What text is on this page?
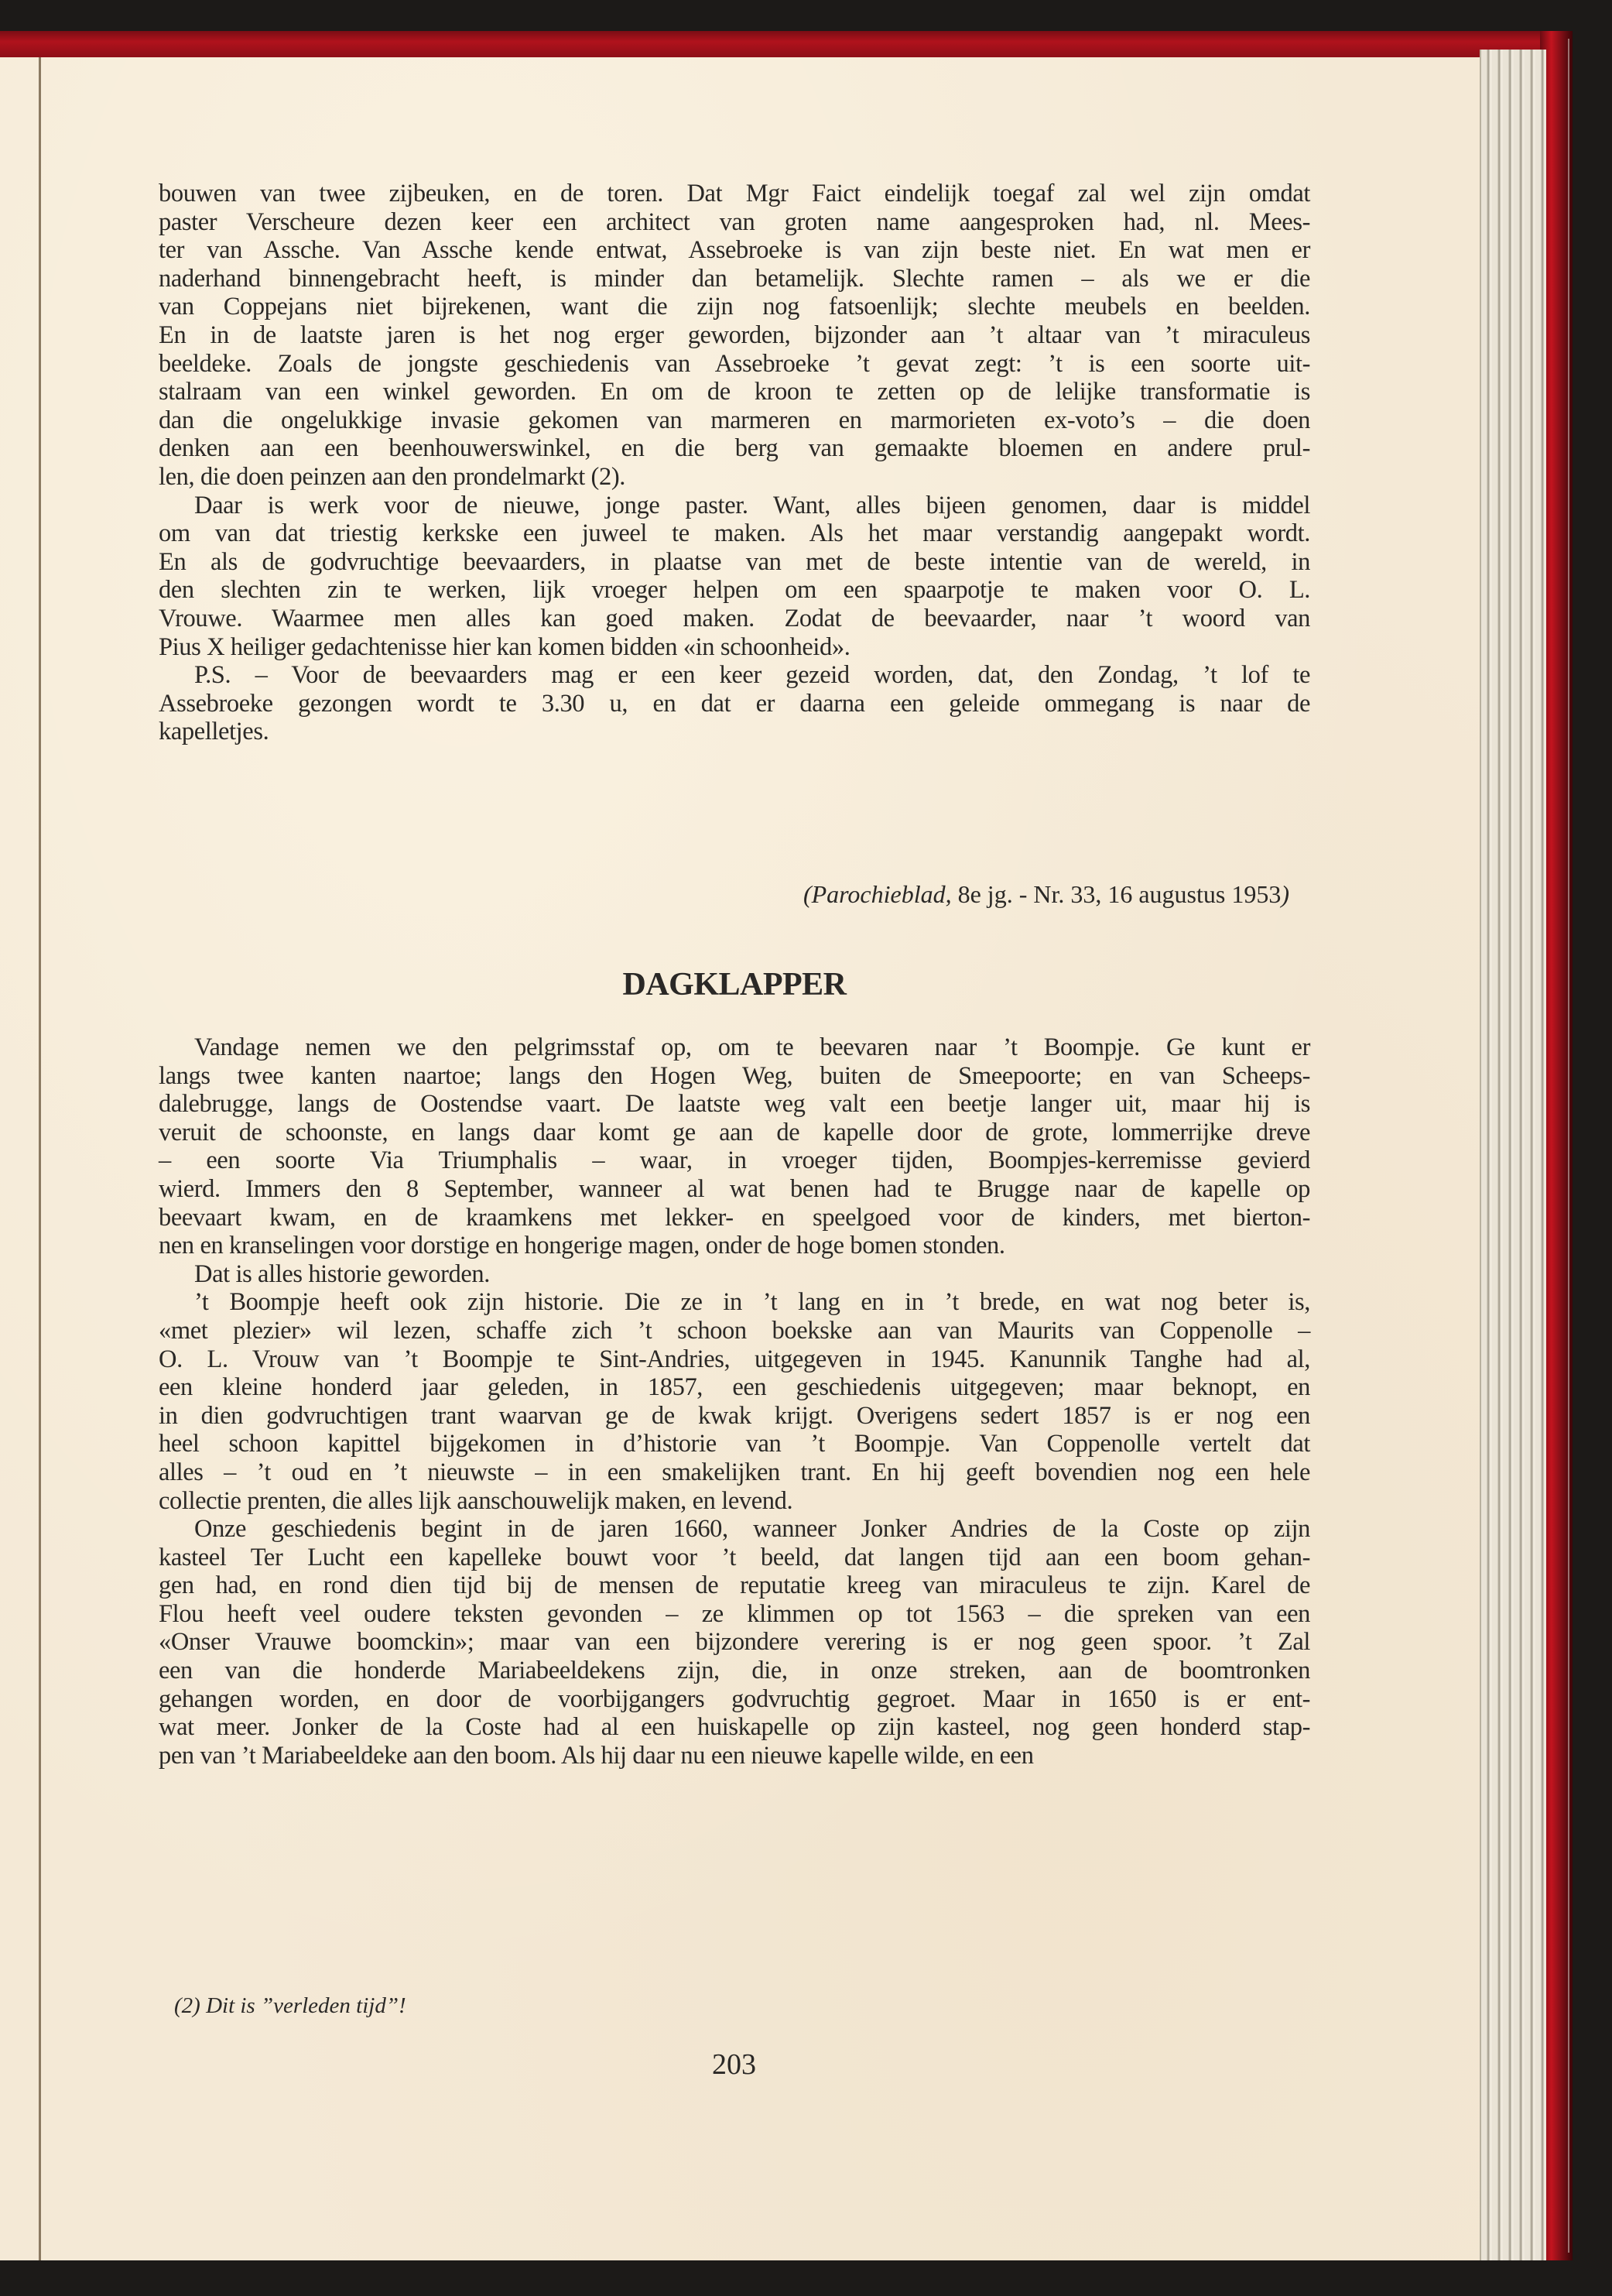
bouwen van twee zijbeuken, en de toren. Dat Mgr Faict eindelijk toegaf zal wel zijn omdat
paster Verscheure dezen keer een architect van groten name aangesproken had, nl. Mees-
ter van Assche. Van Assche kende entwat, Assebroeke is van zijn beste niet. En wat men er
naderhand binnengebracht heeft, is minder dan betamelijk. Slechte ramen – als we er die
van Coppejans niet bijrekenen, want die zijn nog fatsoenlijk; slechte meubels en beelden.
En in de laatste jaren is het nog erger geworden, bijzonder aan ’t altaar van ’t miraculeus
beeldeke. Zoals de jongste geschiedenis van Assebroeke ’t gevat zegt: ’t is een soorte uit-
stalraam van een winkel geworden. En om de kroon te zetten op de lelijke transformatie is
dan die ongelukkige invasie gekomen van marmeren en marmorieten ex-voto’s – die doen
denken aan een beenhouwerswinkel, en die berg van gemaakte bloemen en andere prul-
len, die doen peinzen aan den prondelmarkt (2).
Daar is werk voor de nieuwe, jonge paster. Want, alles bijeen genomen, daar is middel
om van dat triestig kerkske een juweel te maken. Als het maar verstandig aangepakt wordt.
En als de godvruchtige beevaarders, in plaatse van met de beste intentie van de wereld, in
den slechten zin te werken, lijk vroeger helpen om een spaarpotje te maken voor O. L.
Vrouwe. Waarmee men alles kan goed maken. Zodat de beevaarder, naar ’t woord van
Pius X heiliger gedachtenisse hier kan komen bidden «in schoonheid».
P.S. – Voor de beevaarders mag er een keer gezeid worden, dat, den Zondag, ’t lof te
Assebroeke gezongen wordt te 3.30 u, en dat er daarna een geleide ommegang is naar de
kapelletjes.
(Parochieblad, 8e jg. - Nr. 33, 16 augustus 1953)
DAGKLAPPER
Vandage nemen we den pelgrimsstaf op, om te beevaren naar ’t Boompje. Ge kunt er
langs twee kanten naartoe; langs den Hogen Weg, buiten de Smeepoorte; en van Scheeps-
dalebrugge, langs de Oostendse vaart. De laatste weg valt een beetje langer uit, maar hij is
veruit de schoonste, en langs daar komt ge aan de kapelle door de grote, lommerrijke dreve
– een soorte Via Triumphalis – waar, in vroeger tijden, Boompjes-kerremisse gevierd
wierd. Immers den 8 September, wanneer al wat benen had te Brugge naar de kapelle op
beevaart kwam, en de kraamkens met lekker- en speelgoed voor de kinders, met bierton-
nen en kranselingen voor dorstige en hongerige magen, onder de hoge bomen stonden.
Dat is alles historie geworden.
’t Boompje heeft ook zijn historie. Die ze in ’t lang en in ’t brede, en wat nog beter is,
«met plezier» wil lezen, schaffe zich ’t schoon boekske aan van Maurits van Coppenolle –
O. L. Vrouw van ’t Boompje te Sint-Andries, uitgegeven in 1945. Kanunnik Tanghe had al,
een kleine honderd jaar geleden, in 1857, een geschiedenis uitgegeven; maar beknopt, en
in dien godvruchtigen trant waarvan ge de kwak krijgt. Overigens sedert 1857 is er nog een
heel schoon kapittel bijgekomen in d’historie van ’t Boompje. Van Coppenolle vertelt dat
alles – ’t oud en ’t nieuwste – in een smakelijken trant. En hij geeft bovendien nog een hele
collectie prenten, die alles lijk aanschouwelijk maken, en levend.
Onze geschiedenis begint in de jaren 1660, wanneer Jonker Andries de la Coste op zijn
kasteel Ter Lucht een kapelleke bouwt voor ’t beeld, dat langen tijd aan een boom gehan-
gen had, en rond dien tijd bij de mensen de reputatie kreeg van miraculeus te zijn. Karel de
Flou heeft veel oudere teksten gevonden – ze klimmen op tot 1563 – die spreken van een
«Onser Vrauwe boomckin»; maar van een bijzondere verering is er nog geen spoor. ’t Zal
een van die honderde Mariabeeldekens zijn, die, in onze streken, aan de boomtronken
gehangen worden, en door de voorbijgangers godvruchtig gegroet. Maar in 1650 is er ent-
wat meer. Jonker de la Coste had al een huiskapelle op zijn kasteel, nog geen honderd stap-
pen van ’t Mariabeeldeke aan den boom. Als hij daar nu een nieuwe kapelle wilde, en een
(2) Dit is ”verleden tijd”!
203
